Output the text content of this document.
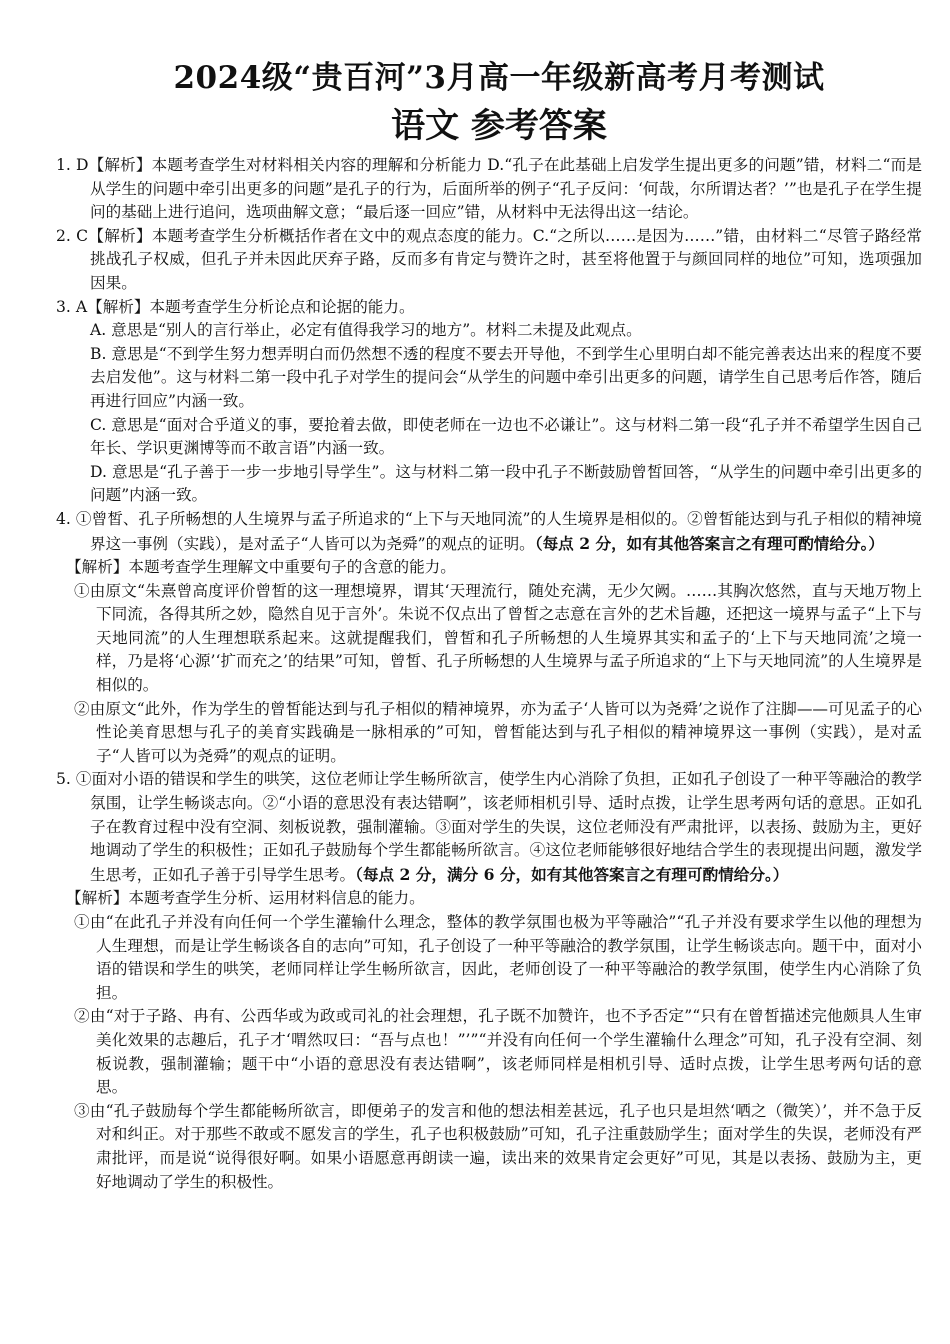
2024级“贵百河”3月高一年级新高考月考测试
语文 参考答案

1. D【解析】本题考查学生对材料相关内容的理解和分析能力 D.“孔子在此基础上启发学生提出更多的问题”错，材料二“而是从学生的问题中牵引出更多的问题”是孔子的行为，后面所举的例子“孔子反问：‘何哉，尔所谓达者？’”也是孔子在学生提问的基础上进行追问，选项曲解文意；“最后逐一回应”错，从材料中无法得出这一结论。

2. C【解析】本题考查学生分析概括作者在文中的观点态度的能力。C.“之所以……是因为……”错，由材料二“尽管子路经常挑战孔子权威，但孔子并未因此厌弃子路，反而多有肯定与赞许之时，甚至将他置于与颜回同样的地位”可知，选项强加因果。

3. A【解析】本题考查学生分析论点和论据的能力。

A. 意思是“别人的言行举止，必定有值得我学习的地方”。材料二未提及此观点。

B. 意思是“不到学生努力想弄明白而仍然想不透的程度不要去开导他，不到学生心里明白却不能完善表达出来的程度不要去启发他”。这与材料二第一段中孔子对学生的提问会“从学生的问题中牵引出更多的问题，请学生自己思考后作答，随后再进行回应”内涵一致。

C. 意思是“面对合乎道义的事，要抢着去做，即使老师在一边也不必谦让”。这与材料二第一段“孔子并不希望学生因自己年长、学识更渊博等而不敢言语”内涵一致。

D. 意思是“孔子善于一步一步地引导学生”。这与材料二第一段中孔子不断鼓励曾皙回答，“从学生的问题中牵引出更多的问题”内涵一致。

4. ①曾皙、孔子所畅想的人生境界与孟子所追求的“上下与天地同流”的人生境界是相似的。②曾皙能达到与孔子相似的精神境界这一事例（实践），是对孟子“人皆可以为尧舜”的观点的证明。（每点 2 分，如有其他答案言之有理可酌情给分。）

【解析】本题考查学生理解文中重要句子的含意的能力。

①由原文“朱熹曾高度评价曾皙的这一理想境界，谓其‘天理流行，随处充满，无少欠阙。……其胸次悠然，直与天地万物上下同流，各得其所之妙，隐然自见于言外’。朱说不仅点出了曾皙之志意在言外的艺术旨趣，还把这一境界与孟子“上下与天地同流”的人生理想联系起来。这就提醒我们，曾皙和孔子所畅想的人生境界其实和孟子的‘上下与天地同流’之境一样，乃是将‘心源’‘扩而充之’的结果”可知，曾皙、孔子所畅想的人生境界与孟子所追求的“上下与天地同流”的人生境界是相似的。

②由原文“此外，作为学生的曾皙能达到与孔子相似的精神境界，亦为孟子‘人皆可以为尧舜’之说作了注脚——可见孟子的心性论美育思想与孔子的美育实践确是一脉相承的”可知，曾皙能达到与孔子相似的精神境界这一事例（实践），是对孟子“人皆可以为尧舜”的观点的证明。

5. ①面对小语的错误和学生的哄笑，这位老师让学生畅所欲言，使学生内心消除了负担，正如孔子创设了一种平等融洽的教学氛围，让学生畅谈志向。②“小语的意思没有表达错啊”，该老师相机引导、适时点拨，让学生思考两句话的意思。正如孔子在教育过程中没有空洞、刻板说教，强制灌输。③面对学生的失误，这位老师没有严肃批评，以表扬、鼓励为主，更好地调动了学生的积极性；正如孔子鼓励每个学生都能畅所欲言。④这位老师能够很好地结合学生的表现提出问题，激发学生思考，正如孔子善于引导学生思考。（每点 2 分，满分 6 分，如有其他答案言之有理可酌情给分。）

【解析】本题考查学生分析、运用材料信息的能力。

①由“在此孔子并没有向任何一个学生灌输什么理念，整体的教学氛围也极为平等融洽”“孔子并没有要求学生以他的理想为人生理想，而是让学生畅谈各自的志向”可知，孔子创设了一种平等融洽的教学氛围，让学生畅谈志向。题干中，面对小语的错误和学生的哄笑，老师同样让学生畅所欲言，因此，老师创设了一种平等融洽的教学氛围，使学生内心消除了负担。

②由“对于子路、冉有、公西华或为政或司礼的社会理想，孔子既不加赞许，也不予否定”“只有在曾皙描述完他颇具人生审美化效果的志趣后，孔子才‘喟然叹曰：“吾与点也！”’”“并没有向任何一个学生灌输什么理念”可知，孔子没有空洞、刻板说教，强制灌输；题干中“小语的意思没有表达错啊”，该老师同样是相机引导、适时点拨，让学生思考两句话的意思。

③由“孔子鼓励每个学生都能畅所欲言，即便弟子的发言和他的想法相差甚远，孔子也只是坦然‘哂之（微笑）’，并不急于反对和纠正。对于那些不敢或不愿发言的学生，孔子也积极鼓励”可知，孔子注重鼓励学生；面对学生的失误，老师没有严肃批评，而是说“说得很好啊。如果小语愿意再朗读一遍，读出来的效果肯定会更好”可见，其是以表扬、鼓励为主，更好地调动了学生的积极性。
